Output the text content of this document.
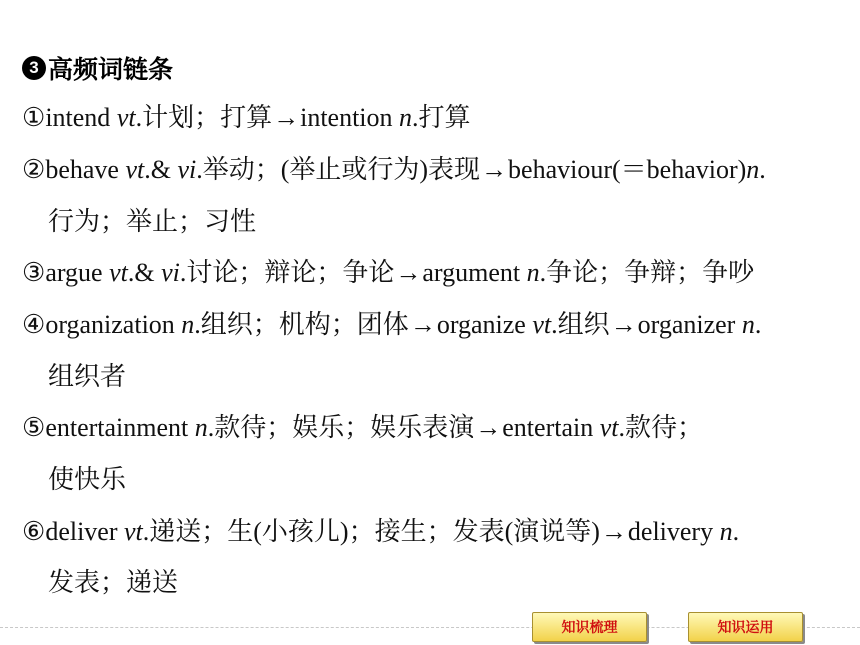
3 高频词链条
①intend vt.计划；打算→intention n.打算
②behave vt.& vi.举动；(举止或行为)表现→behaviour(＝behavior)n.
行为；举止；习性
③argue vt.& vi.讨论；辩论；争论→argument n.争论；争辩；争吵
④organization n.组织；机构；团体→organize vt.组织→organizer n.
组织者
⑤entertainment n.款待；娱乐；娱乐表演→entertain vt.款待；
使快乐
⑥deliver vt.递送；生(小孩儿)；接生；发表(演说等)→delivery n.
发表；递送
知识梳理	知识运用
